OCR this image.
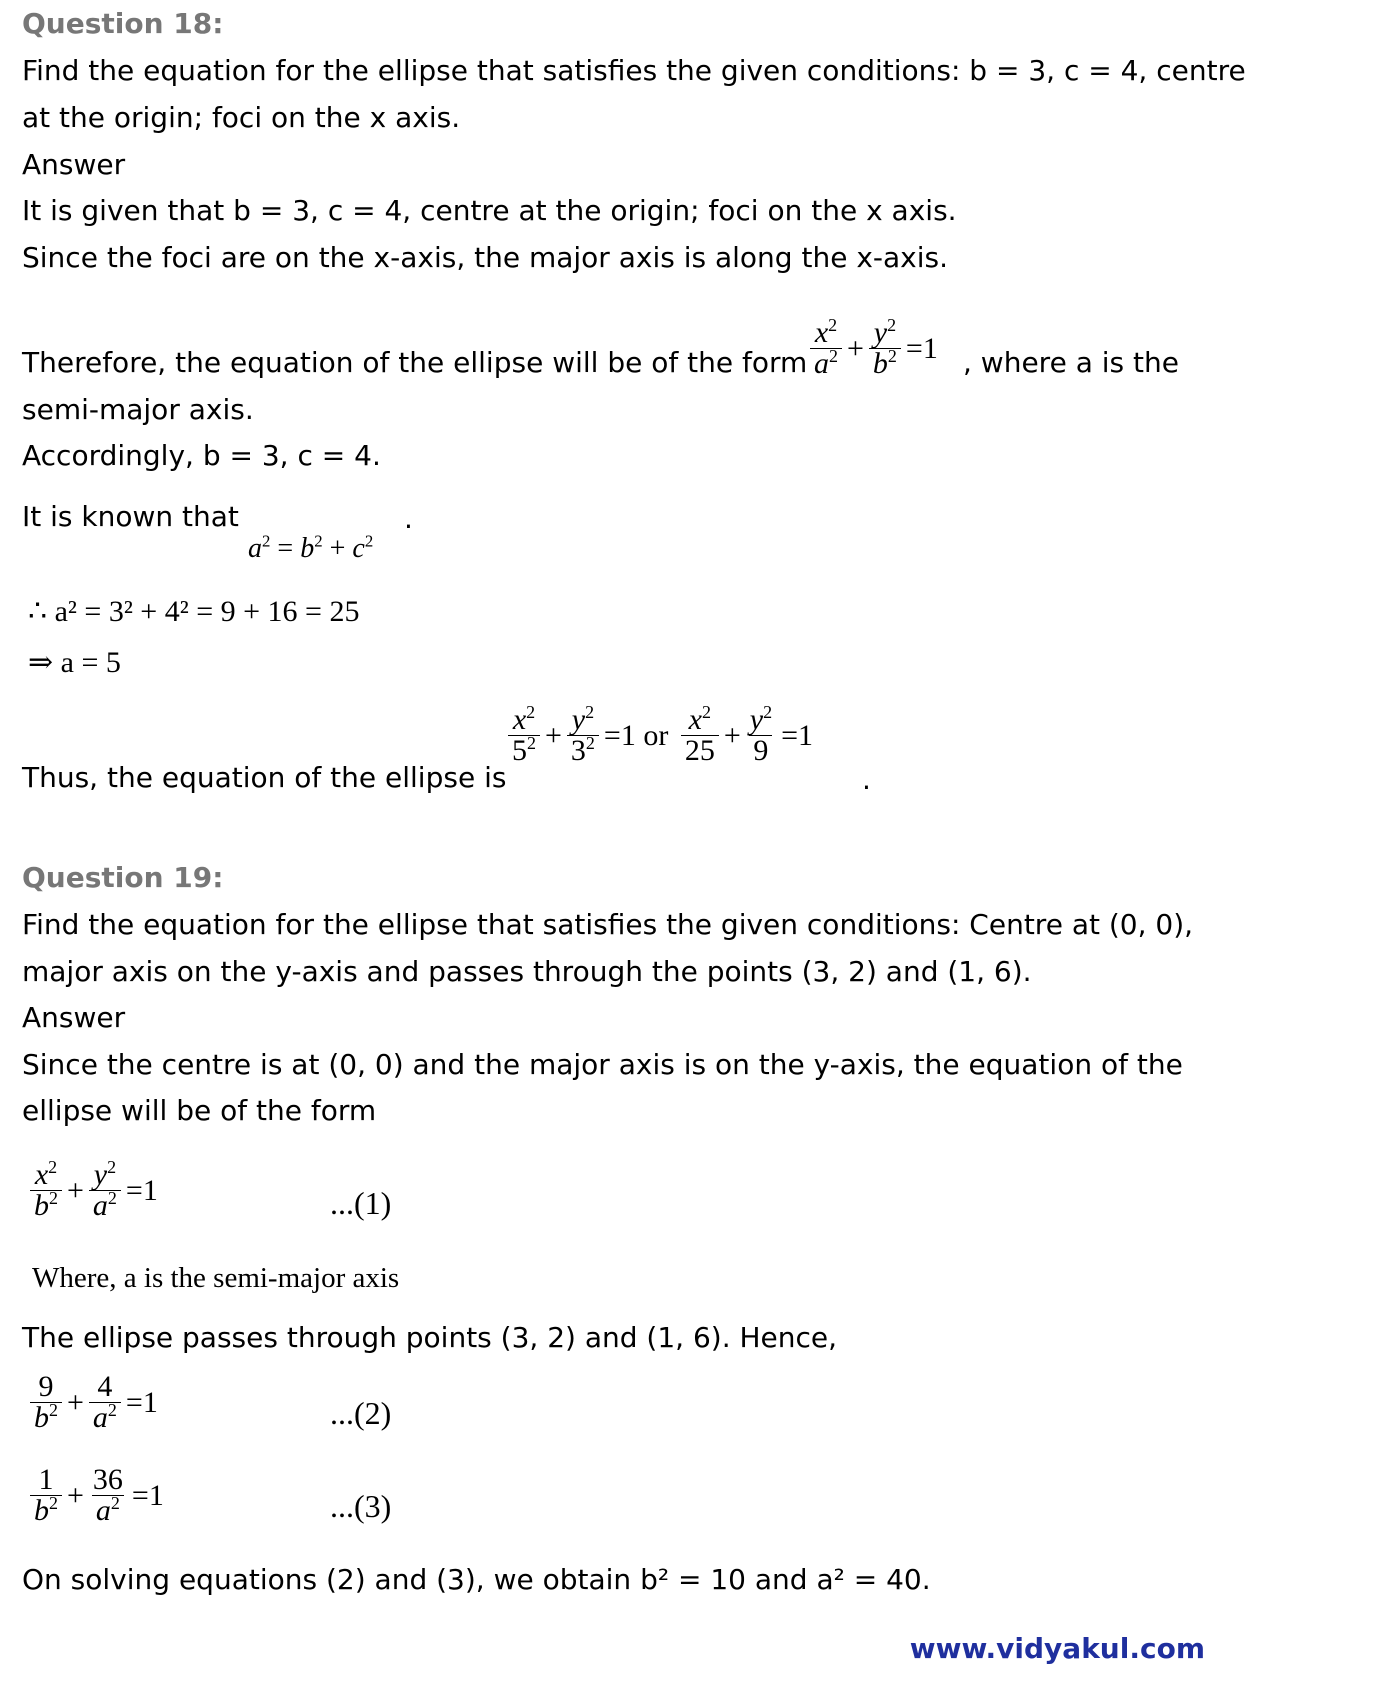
Question 18:
Find the equation for the ellipse that satisfies the given conditions: b = 3, c = 4, centre
at the origin; foci on the x axis.
Answer
It is given that b = 3, c = 4, centre at the origin; foci on the x axis.
Since the foci are on the x-axis, the major axis is along the x-axis.
Therefore, the equation of the ellipse will be of the form $\frac{x^2}{a^2} + \frac{y^2}{b^2} =1$ , where a is the
semi-major axis.
Accordingly, b = 3, c = 4.
It is known that
$a^2 = b^2 + c^2$
.
∴ a² = 3² + 4² = 9 + 16 = 25
⇒ a = 5
Thus, the equation of the ellipse is
$\frac{x^2}{5^2} + \frac{y^2}{3^2} =1$ or $\frac{x^2}{25} + \frac{y^2}{9} =1$
.
Question 19:
Find the equation for the ellipse that satisfies the given conditions: Centre at (0, 0),
major axis on the y-axis and passes through the points (3, 2) and (1, 6).
Answer
Since the centre is at (0, 0) and the major axis is on the y-axis, the equation of the
ellipse will be of the form
$\frac{x^2}{b^2} + \frac{y^2}{a^2} =1$	...(1)
Where, a is the semi-major axis
The ellipse passes through points (3, 2) and (1, 6). Hence,
$\frac{9}{b^2} + \frac{4}{a^2} =1$	...(2)
$\frac{1}{b^2} + \frac{36}{a^2} =1$	...(3)
On solving equations (2) and (3), we obtain b² = 10 and a² = 40.
www.vidyakul.com
